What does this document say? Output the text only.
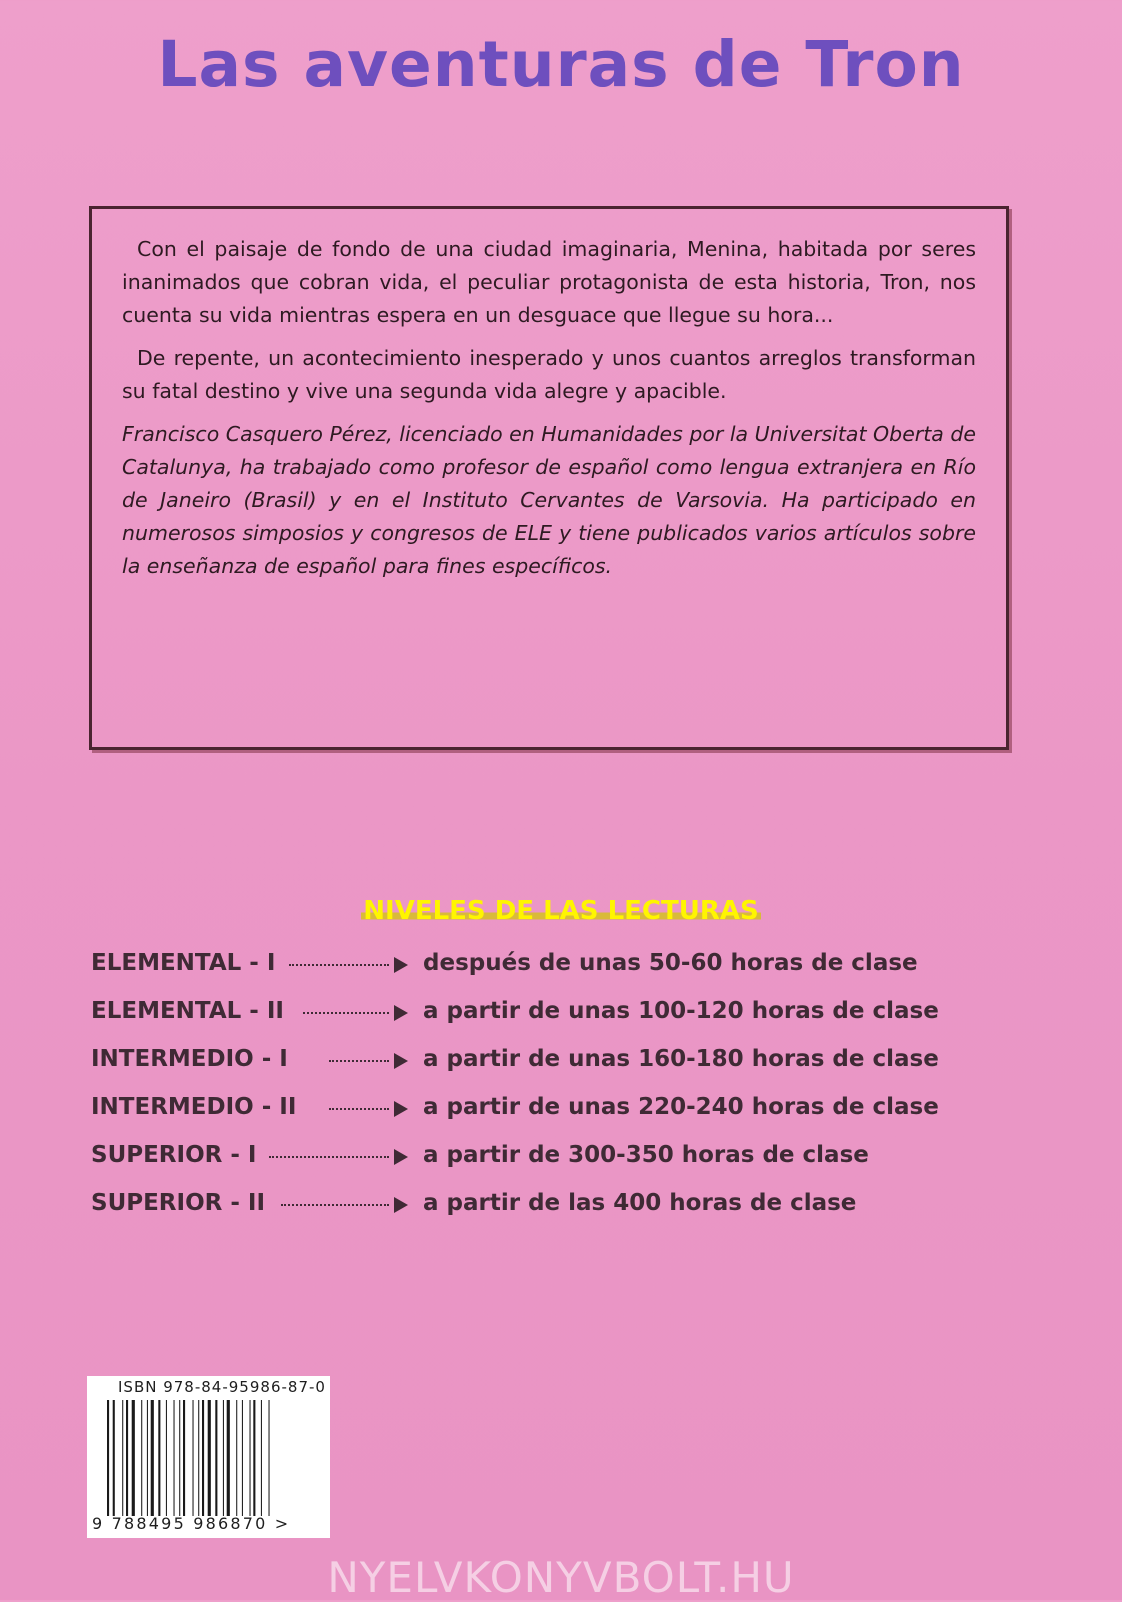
Las aventuras de Tron

Con el paisaje de fondo de una ciudad imaginaria, Menina, habitada por seres inanimados que cobran vida, el peculiar protagonista de esta historia, Tron, nos cuenta su vida mientras espera en un desguace que llegue su hora...

De repente, un acontecimiento inesperado y unos cuantos arreglos transforman su fatal destino y vive una segunda vida alegre y apacible.

Francisco Casquero Pérez, licenciado en Humanidades por la Universitat Oberta de Catalunya, ha trabajado como profesor de español como lengua extranjera en Río de Janeiro (Brasil) y en el Instituto Cervantes de Varsovia. Ha participado en numerosos simposios y congresos de ELE y tiene publicados varios artículos sobre la enseñanza de español para fines específicos.

NIVELES DE LAS LECTURAS
ELEMENTAL - I	después de unas 50-60 horas de clase
ELEMENTAL - II	a partir de unas 100-120 horas de clase
INTERMEDIO - I	a partir de unas 160-180 horas de clase
INTERMEDIO - II	a partir de unas 220-240 horas de clase
SUPERIOR - I	a partir de 300-350 horas de clase
SUPERIOR - II	a partir de las 400 horas de clase
ISBN 978-84-95986-87-0
9 788495 986870 >
NYELVKONYVBOLT.HU
